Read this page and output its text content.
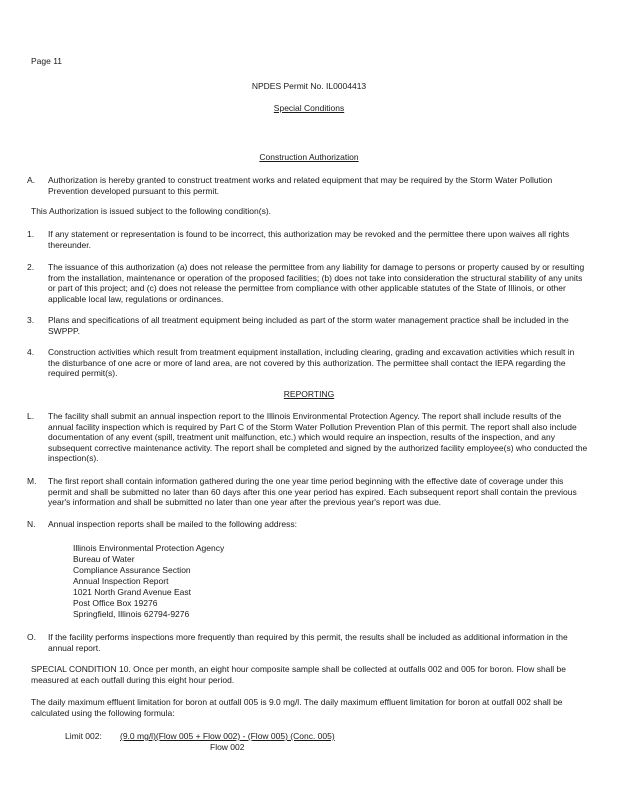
Page 11
NPDES Permit No. IL0004413
Special Conditions
Construction Authorization
A. Authorization is hereby granted to construct treatment works and related equipment that may be required by the Storm Water Pollution Prevention developed pursuant to this permit.
This Authorization is issued subject to the following condition(s).
1. If any statement or representation is found to be incorrect, this authorization may be revoked and the permittee there upon waives all rights thereunder.
2. The issuance of this authorization (a) does not release the permittee from any liability for damage to persons or property caused by or resulting from the installation, maintenance or operation of the proposed facilities; (b) does not take into consideration the structural stability of any units or part of this project; and (c) does not release the permittee from compliance with other applicable statutes of the State of Illinois, or other applicable local law, regulations or ordinances.
3. Plans and specifications of all treatment equipment being included as part of the storm water management practice shall be included in the SWPPP.
4. Construction activities which result from treatment equipment installation, including clearing, grading and excavation activities which result in the disturbance of one acre or more of land area, are not covered by this authorization. The permittee shall contact the IEPA regarding the required permit(s).
REPORTING
L. The facility shall submit an annual inspection report to the Illinois Environmental Protection Agency. The report shall include results of the annual facility inspection which is required by Part C of the Storm Water Pollution Prevention Plan of this permit. The report shall also include documentation of any event (spill, treatment unit malfunction, etc.) which would require an inspection, results of the inspection, and any subsequent corrective maintenance activity. The report shall be completed and signed by the authorized facility employee(s) who conducted the inspection(s).
M. The first report shall contain information gathered during the one year time period beginning with the effective date of coverage under this permit and shall be submitted no later than 60 days after this one year period has expired. Each subsequent report shall contain the previous year's information and shall be submitted no later than one year after the previous year's report was due.
N. Annual inspection reports shall be mailed to the following address:
Illinois Environmental Protection Agency
Bureau of Water
Compliance Assurance Section
Annual Inspection Report
1021 North Grand Avenue East
Post Office Box 19276
Springfield, Illinois 62794-9276
O. If the facility performs inspections more frequently than required by this permit, the results shall be included as additional information in the annual report.
SPECIAL CONDITION 10. Once per month, an eight hour composite sample shall be collected at outfalls 002 and 005 for boron. Flow shall be measured at each outfall during this eight hour period.
The daily maximum effluent limitation for boron at outfall 005 is 9.0 mg/l. The daily maximum effluent limitation for boron at outfall 002 shall be calculated using the following formula:
Limit 002: (9.0 mg/l)(Flow 005 + Flow 002) - (Flow 005) (Conc. 005)
Flow 002
